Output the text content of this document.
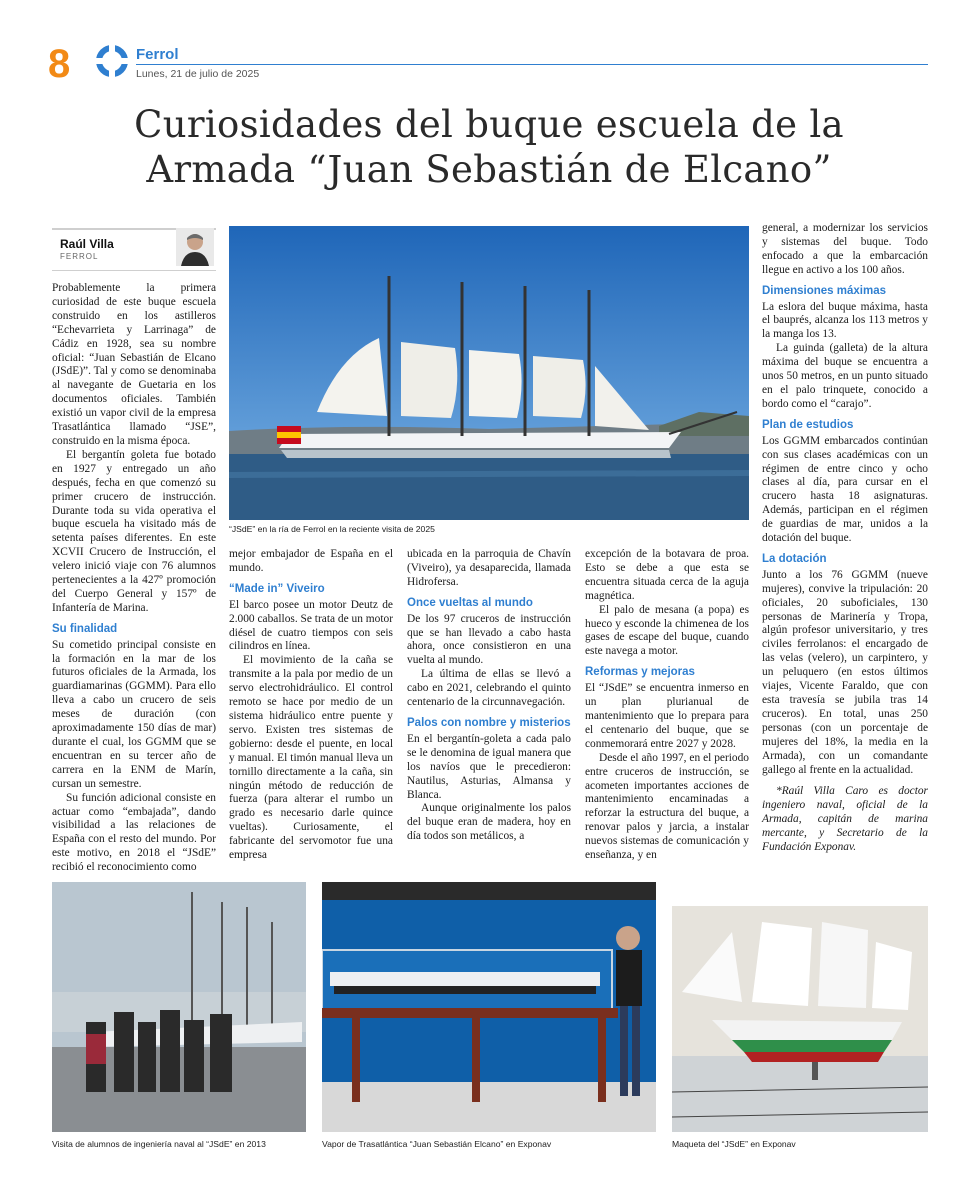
8	Ferrol
Lunes, 21 de julio de 2025
Curiosidades del buque escuela de la Armada “Juan Sebastián de Elcano”
Raúl Villa
FERROL
“JSdE” en la ría de Ferrol en la reciente visita de 2025

Probablemente la primera curiosidad de este buque escuela construido en los astilleros “Echevarrieta y Larrinaga” de Cádiz en 1928, sea su nombre oficial: “Juan Sebastián de Elcano (JSdE)”. Tal y como se denominaba al navegante de Guetaria en los documentos oficiales. También existió un vapor civil de la empresa Trasatlántica llamado “JSE”, construido en la misma época.

El bergantín goleta fue botado en 1927 y entregado un año después, fecha en que comenzó su primer crucero de instrucción. Durante toda su vida operativa el buque escuela ha visitado más de setenta países diferentes. En este XCVII Crucero de Instrucción, el velero inició viaje con 76 alumnos pertenecientes a la 427º promoción del Cuerpo General y 157º de Infantería de Marina.

Su finalidad

Su cometido principal consiste en la formación en la mar de los futuros oficiales de la Armada, los guardiamarinas (GGMM). Para ello lleva a cabo un crucero de seis meses de duración (con aproximadamente 150 días de mar) durante el cual, los GGMM que se encuentran en su tercer año de carrera en la ENM de Marín, cursan un semestre.

Su función adicional consiste en actuar como “embajada”, dando visibilidad a las relaciones de España con el resto del mundo. Por este motivo, en 2018 el “JSdE” recibió el reconocimiento como

mejor embajador de España en el mundo.

“Made in” Viveiro

El barco posee un motor Deutz de 2.000 caballos. Se trata de un motor diésel de cuatro tiempos con seis cilindros en línea.

El movimiento de la caña se transmite a la pala por medio de un servo electrohidráulico. El control remoto se hace por medio de un sistema hidráulico entre puente y servo. Existen tres sistemas de gobierno: desde el puente, en local y manual. El timón manual lleva un tornillo directamente a la caña, sin ningún método de reducción de fuerza (para alterar el rumbo un grado es necesario darle quince vueltas). Curiosamente, el fabricante del servomotor fue una empresa

ubicada en la parroquia de Chavín (Viveiro), ya desaparecida, llamada Hidrofersa.

Once vueltas al mundo

De los 97 cruceros de instrucción que se han llevado a cabo hasta ahora, once consistieron en una vuelta al mundo.

La última de ellas se llevó a cabo en 2021, celebrando el quinto centenario de la circunnavegación.

Palos con nombre y misterios

En el bergantín-goleta a cada palo se le denomina de igual manera que los navíos que le precedieron: Nautilus, Asturias, Almansa y Blanca.

Aunque originalmente los palos del buque eran de madera, hoy en día todos son metálicos, a

excepción de la botavara de proa. Esto se debe a que esta se encuentra situada cerca de la aguja magnética.

El palo de mesana (a popa) es hueco y esconde la chimenea de los gases de escape del buque, cuando este navega a motor.

Reformas y mejoras

El “JSdE” se encuentra inmerso en un plan plurianual de mantenimiento que lo prepara para el centenario del buque, que se conmemorará entre 2027 y 2028.

Desde el año 1997, en el periodo entre cruceros de instrucción, se acometen importantes acciones de mantenimiento encaminadas a reforzar la estructura del buque, a renovar palos y jarcia, a instalar nuevos sistemas de comunicación y enseñanza, y en

general, a modernizar los servicios y sistemas del buque. Todo enfocado a que la embarcación llegue en activo a los 100 años.

Dimensiones máximas

La eslora del buque máxima, hasta el bauprés, alcanza los 113 metros y la manga los 13.

La guinda (galleta) de la altura máxima del buque se encuentra a unos 50 metros, en un punto situado en el palo trinquete, conocido a bordo como el “carajo”.

Plan de estudios

Los GGMM embarcados continúan con sus clases académicas con un régimen de entre cinco y ocho clases al día, para cursar en el crucero hasta 18 asignaturas. Además, participan en el régimen de guardias de mar, unidos a la dotación del buque.

La dotación

Junto a los 76 GGMM (nueve mujeres), convive la tripulación: 20 oficiales, 20 suboficiales, 130 personas de Marinería y Tropa, algún profesor universitario, y tres civiles ferrolanos: el encargado de las velas (velero), un carpintero, y un peluquero (en estos últimos viajes, Vicente Faraldo, que con esta travesía se jubila tras 14 cruceros). En total, unas 250 personas (con un porcentaje de mujeres del 18%, la media en la Armada), con un comandante gallego al frente en la actualidad.

*Raúl Villa Caro es doctor ingeniero naval, oficial de la Armada, capitán de marina mercante, y Secretario de la Fundación Exponav.

Visita de alumnos de ingeniería naval al “JSdE” en 2013	Vapor de Trasatlántica “Juan Sebastián Elcano” en Exponav	Maqueta del “JSdE” en Exponav
